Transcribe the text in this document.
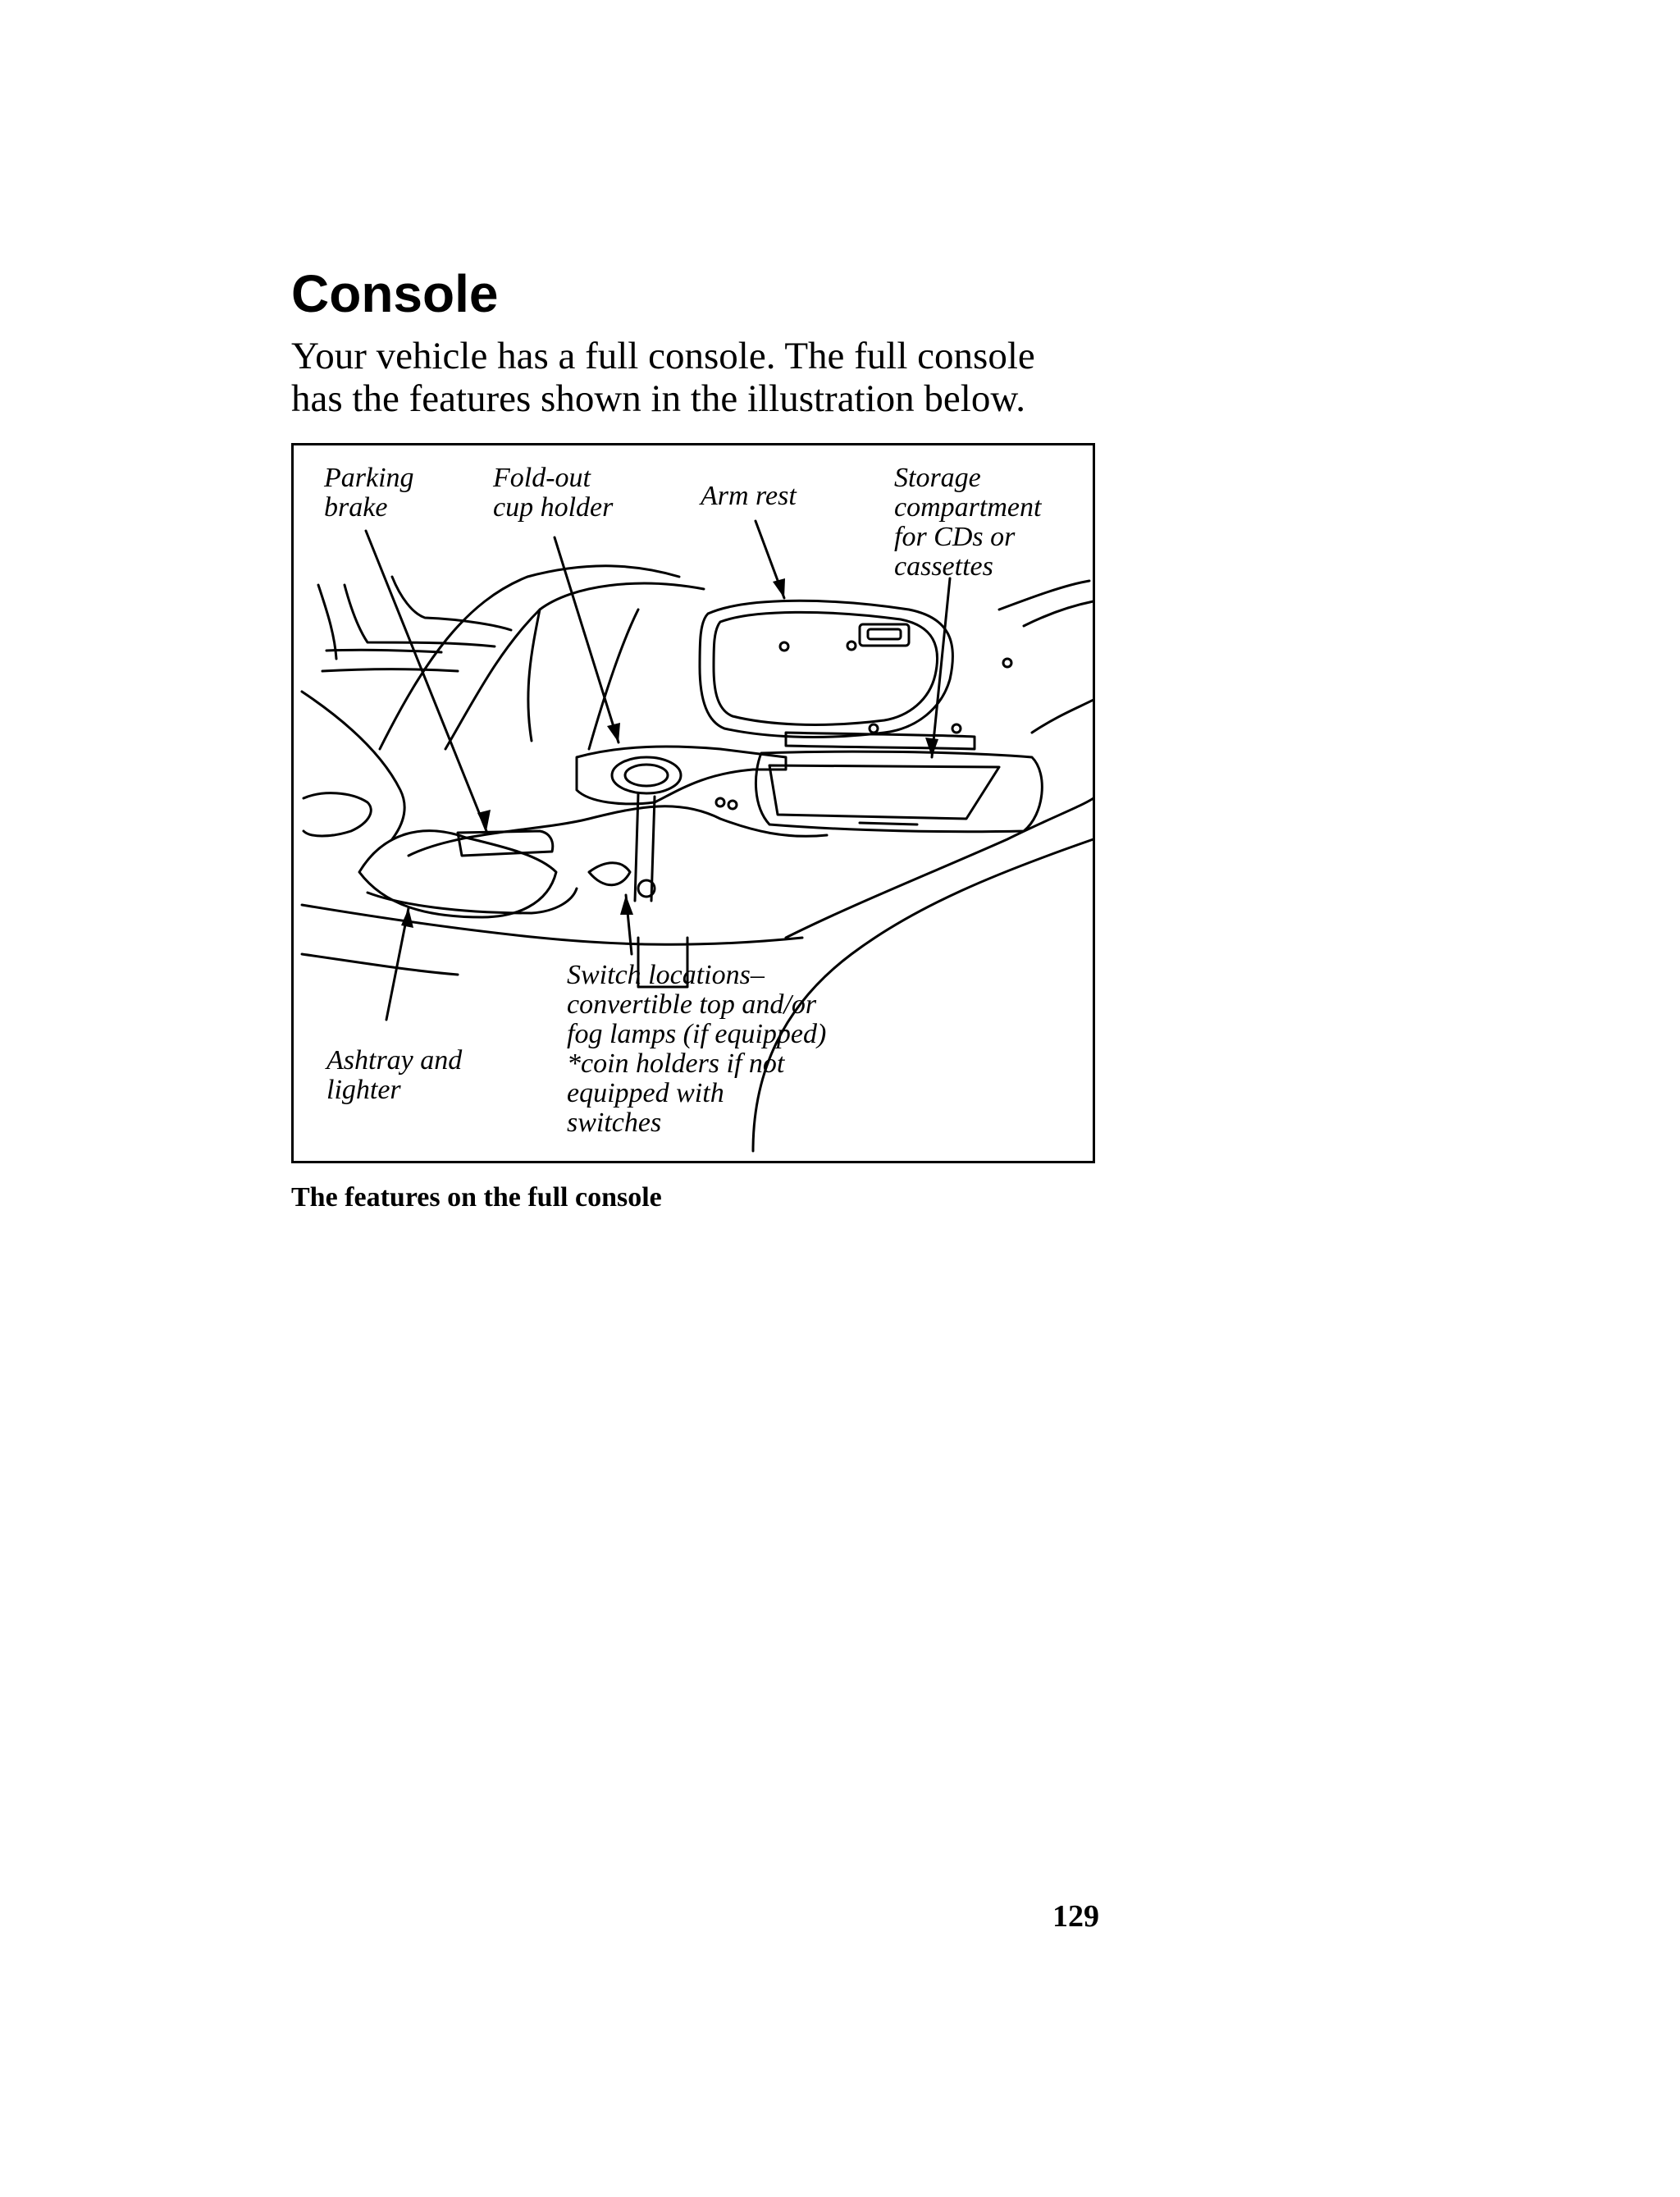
Console

Your vehicle has a full console. The full console has the features shown in the illustration below.

Parking
brake

Fold-out
cup holder	Arm rest

Storage
compartment
for CDs or
cassettes

Ashtray and
lighter

Switch locations–
convertible top and/or
fog lamps (if equipped)
*coin holders if not
equipped with
switches

The features on the full console

129
